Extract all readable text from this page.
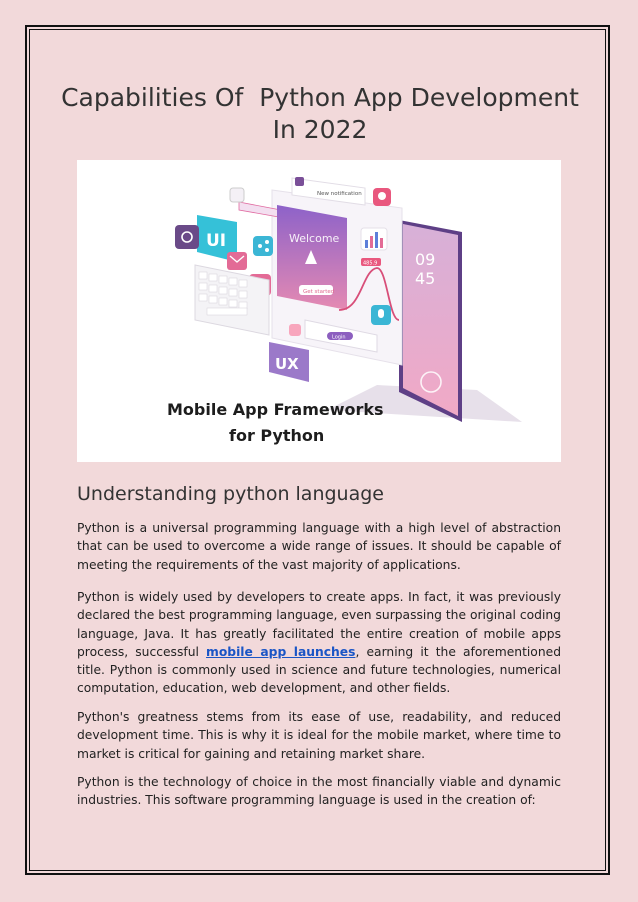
Capabilities Of  Python App Development
In 2022
09
45
New notification
UI	Welcome
Get started
485.9
Login
UX
Mobile App Frameworks
for Python
Understanding python language

Python is a universal programming language with a high level of abstraction that can be used to overcome a wide range of issues. It should be capable of meeting the requirements of the vast majority of applications.

Python is widely used by developers to create apps. In fact, it was previously declared the best programming language, even surpassing the original coding language, Java. It has greatly facilitated the entire creation of mobile apps process, successful mobile app launches, earning it the aforementioned title. Python is commonly used in science and future technologies, numerical computation, education, web development, and other fields.

Python's greatness stems from its ease of use, readability, and reduced development time. This is why it is ideal for the mobile market, where time to market is critical for gaining and retaining market share.

Python is the technology of choice in the most financially viable and dynamic industries. This software programming language is used in the creation of:
